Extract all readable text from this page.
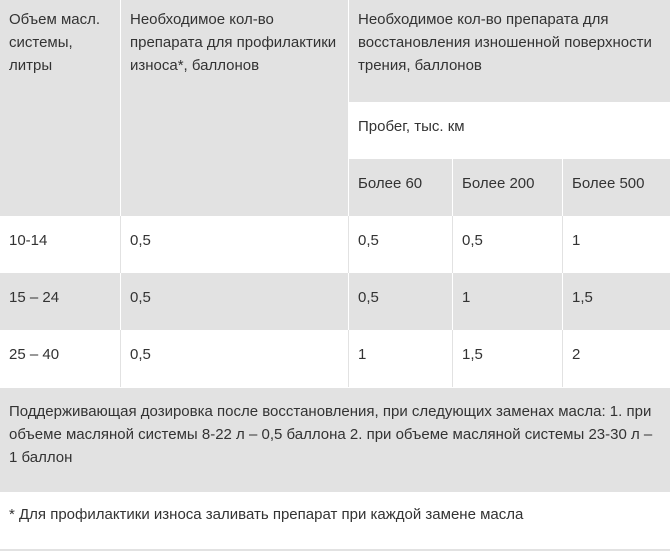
Объем масл. системы, литры
Необходимое кол-во препарата для профилактики износа*, баллонов
Необходимое кол-во препарата для восстановления изношенной поверхности трения, баллонов
Пробег, тыс. км
Более 60	Более 200	Более 500
10-14	0,5	0,5	0,5	1
15 – 24	0,5	0,5	1	1,5
25 – 40	0,5	1	1,5	2
Поддерживающая дозировка после восстановления, при следующих заменах масла: 1. при объеме масляной системы 8-22 л – 0,5 баллона 2. при объеме масляной системы 23-30 л – 1 баллон
* Для профилактики износа заливать препарат при каждой замене масла
